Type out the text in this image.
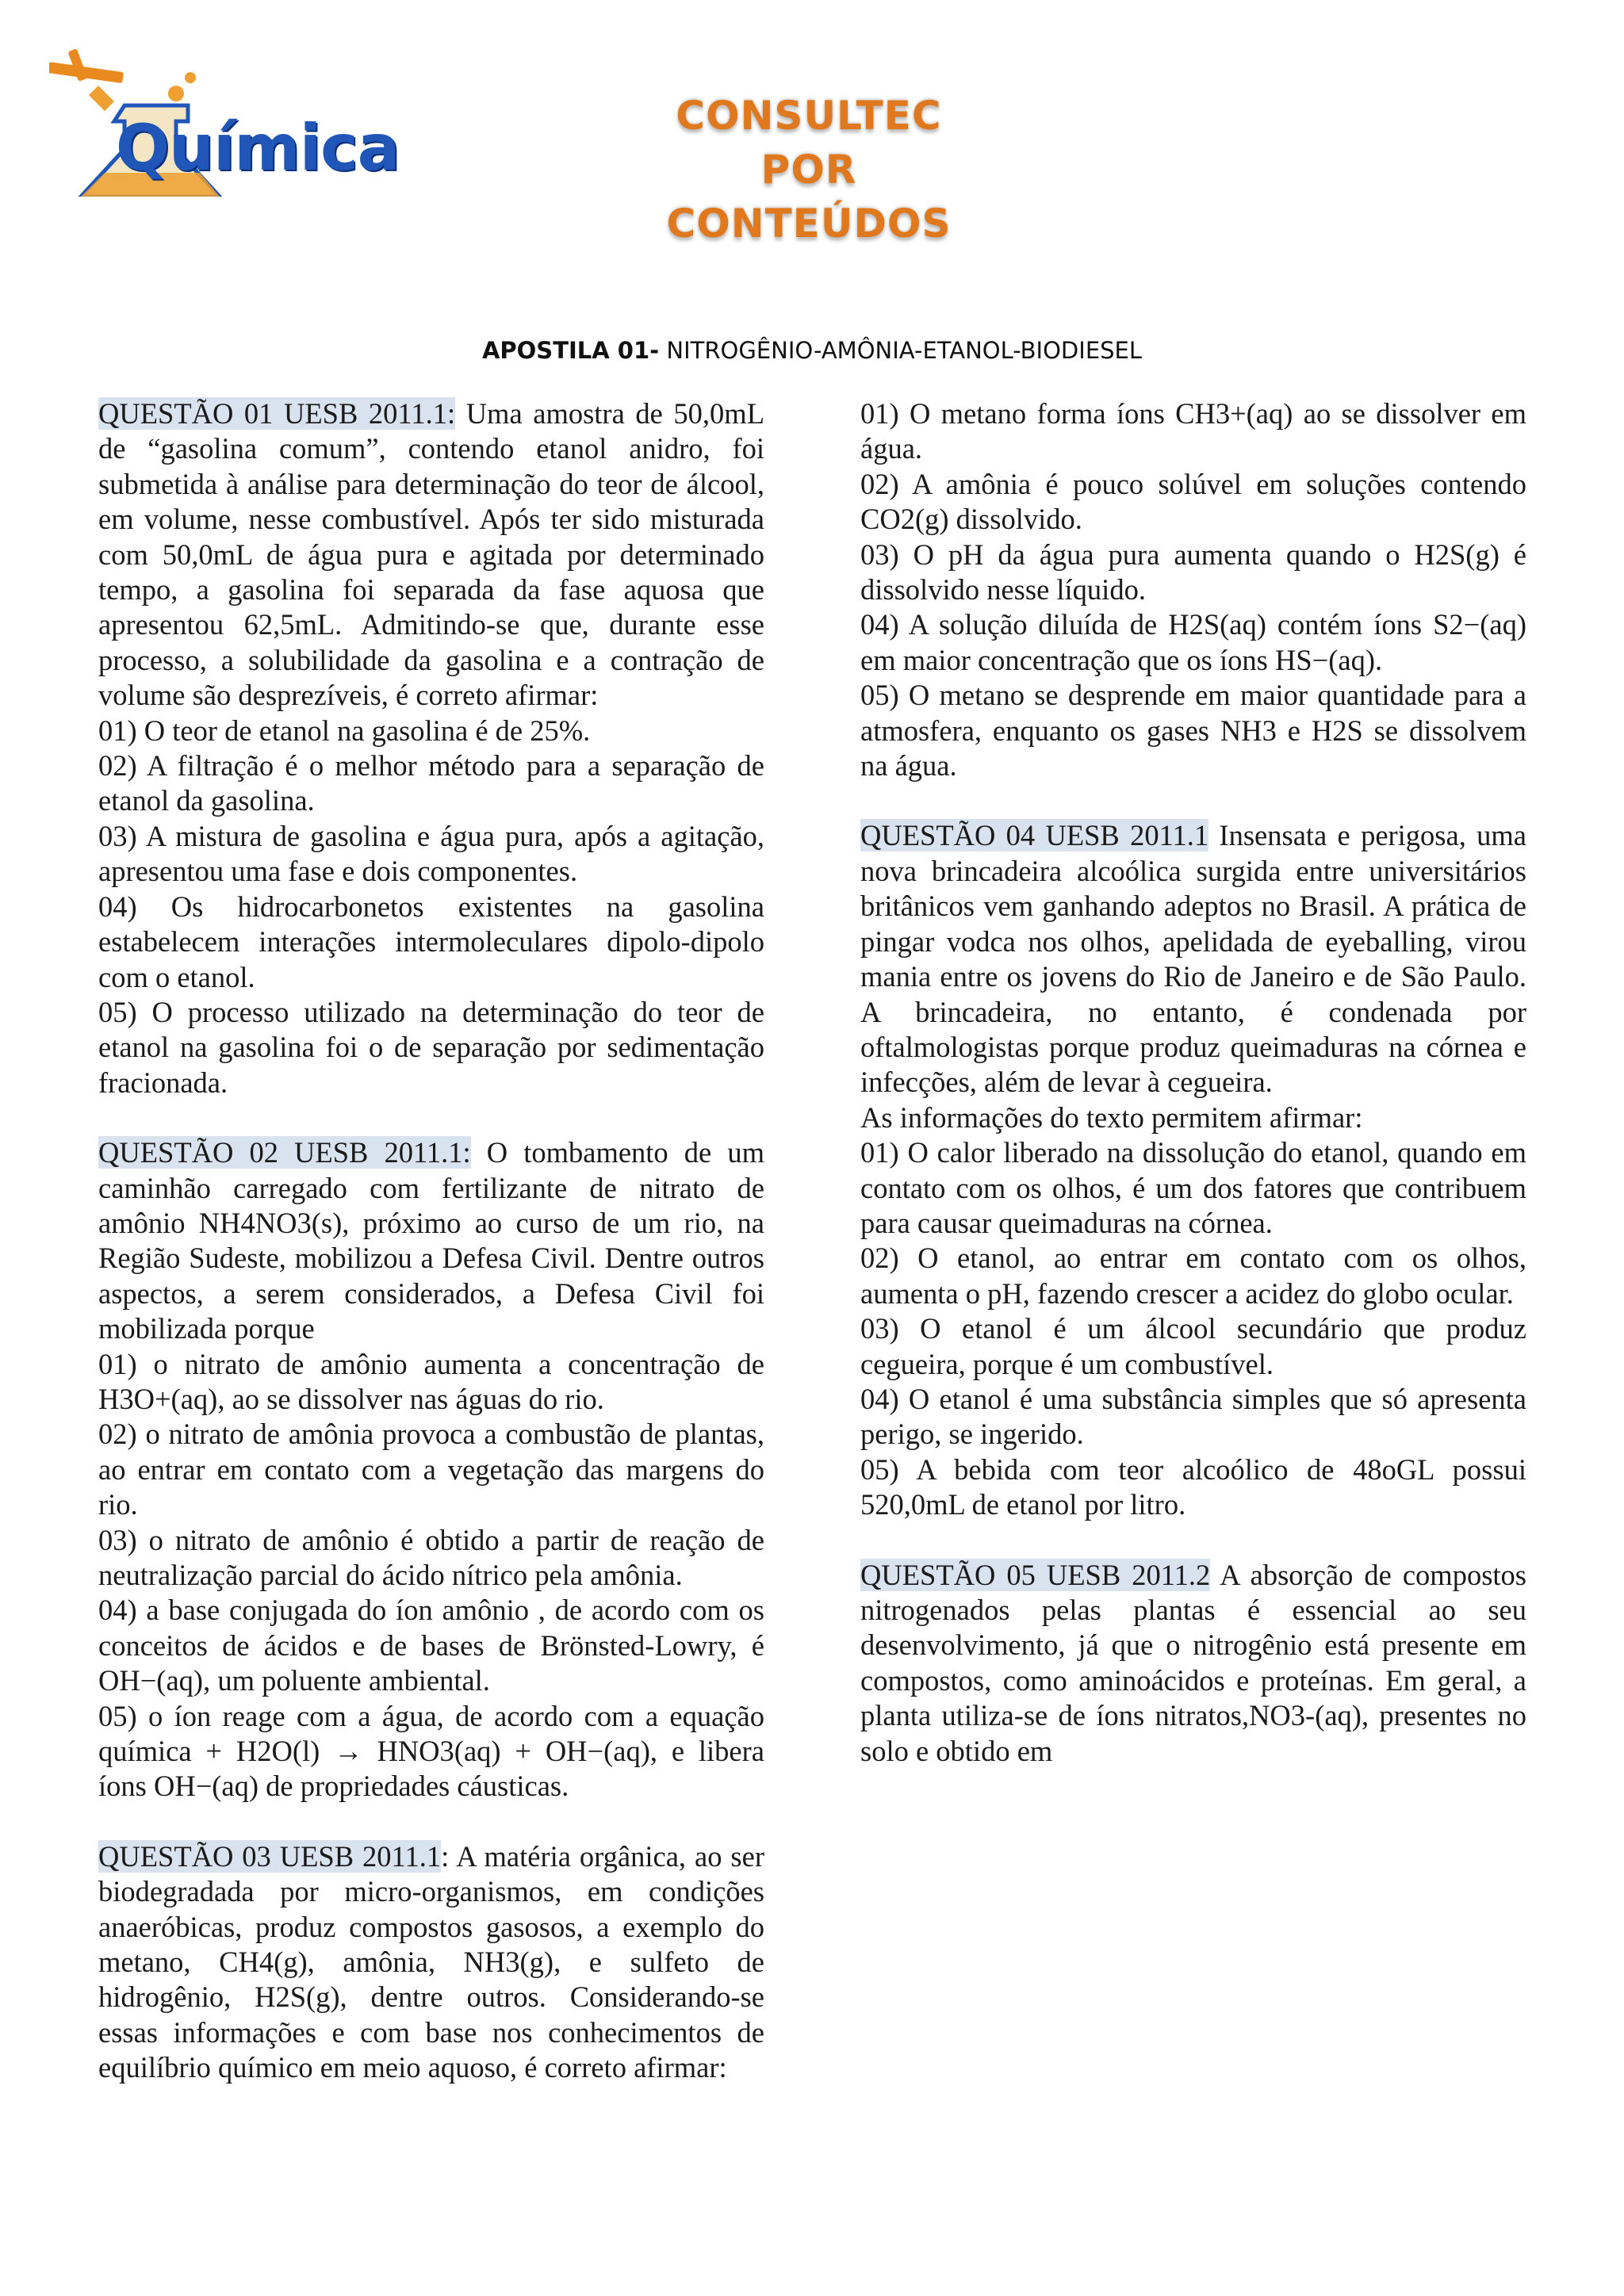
Química	CONSULTEC
POR
CONTEÚDOS
APOSTILA 01- NITROGÊNIO-AMÔNIA-ETANOL-BIODIESEL

QUESTÃO 01 UESB 2011.1: Uma amostra de 50,0mL de “gasolina comum”, contendo etanol anidro, foi submetida à análise para determinação do teor de álcool, em volume, nesse combustível. Após ter sido misturada com 50,0mL de água pura e agitada por determinado tempo, a gasolina foi separada da fase aquosa que apresentou 62,5mL. Admitindo-se que, durante esse processo, a solubilidade da gasolina e a contração de volume são desprezíveis, é correto afirmar:

01) O teor de etanol na gasolina é de 25%.

02) A filtração é o melhor método para a separação de etanol da gasolina.

03) A mistura de gasolina e água pura, após a agitação, apresentou uma fase e dois componentes.

04) Os hidrocarbonetos existentes na gasolina estabelecem interações intermoleculares dipolo-dipolo com o etanol.

05) O processo utilizado na determinação do teor de etanol na gasolina foi o de separação por sedimentação fracionada.

QUESTÃO 02 UESB 2011.1: O tombamento de um caminhão carregado com fertilizante de nitrato de amônio NH4NO3(s), próximo ao curso de um rio, na Região Sudeste, mobilizou a Defesa Civil. Dentre outros aspectos, a serem considerados, a Defesa Civil foi mobilizada porque

01) o nitrato de amônio aumenta a concentração de H3O+(aq), ao se dissolver nas águas do rio.

02) o nitrato de amônia provoca a combustão de plantas, ao entrar em contato com a vegetação das margens do rio.

03) o nitrato de amônio é obtido a partir de reação de neutralização parcial do ácido nítrico pela amônia.

04) a base conjugada do íon amônio , de acordo com os conceitos de ácidos e de bases de Brönsted-Lowry, é OH−(aq), um poluente ambiental.

05) o íon reage com a água, de acordo com a equação química + H2O(l) → HNO3(aq) + OH−(aq), e libera íons OH−(aq) de propriedades cáusticas.

QUESTÃO 03 UESB 2011.1: A matéria orgânica, ao ser biodegradada por micro-organismos, em condições anaeróbicas, produz compostos gasosos, a exemplo do metano, CH4(g), amônia, NH3(g), e sulfeto de hidrogênio, H2S(g), dentre outros. Considerando-se essas informações e com base nos conhecimentos de equilíbrio químico em meio aquoso, é correto afirmar:

01) O metano forma íons CH3+(aq) ao se dissolver em água.

02) A amônia é pouco solúvel em soluções contendo CO2(g) dissolvido.

03) O pH da água pura aumenta quando o H2S(g) é dissolvido nesse líquido.

04) A solução diluída de H2S(aq) contém íons S2−(aq) em maior concentração que os íons HS−(aq).

05) O metano se desprende em maior quantidade para a atmosfera, enquanto os gases NH3 e H2S se dissolvem na água.

QUESTÃO 04 UESB 2011.1 Insensata e perigosa, uma nova brincadeira alcoólica surgida entre universitários britânicos vem ganhando adeptos no Brasil. A prática de pingar vodca nos olhos, apelidada de eyeballing, virou mania entre os jovens do Rio de Janeiro e de São Paulo. A brincadeira, no entanto, é condenada por oftalmologistas porque produz queimaduras na córnea e infecções, além de levar à cegueira.

As informações do texto permitem afirmar:

01) O calor liberado na dissolução do etanol, quando em contato com os olhos, é um dos fatores que contribuem para causar queimaduras na córnea.

02) O etanol, ao entrar em contato com os olhos, aumenta o pH, fazendo crescer a acidez do globo ocular.

03) O etanol é um álcool secundário que produz cegueira, porque é um combustível.

04) O etanol é uma substância simples que só apresenta perigo, se ingerido.

05) A bebida com teor alcoólico de 48oGL possui 520,0mL de etanol por litro.

QUESTÃO 05 UESB 2011.2 A absorção de compostos nitrogenados pelas plantas é essencial ao seu desenvolvimento, já que o nitrogênio está presente em compostos, como aminoácidos e proteínas. Em geral, a planta utiliza-se de íons nitratos,NO3-(aq), presentes no solo e obtido em
